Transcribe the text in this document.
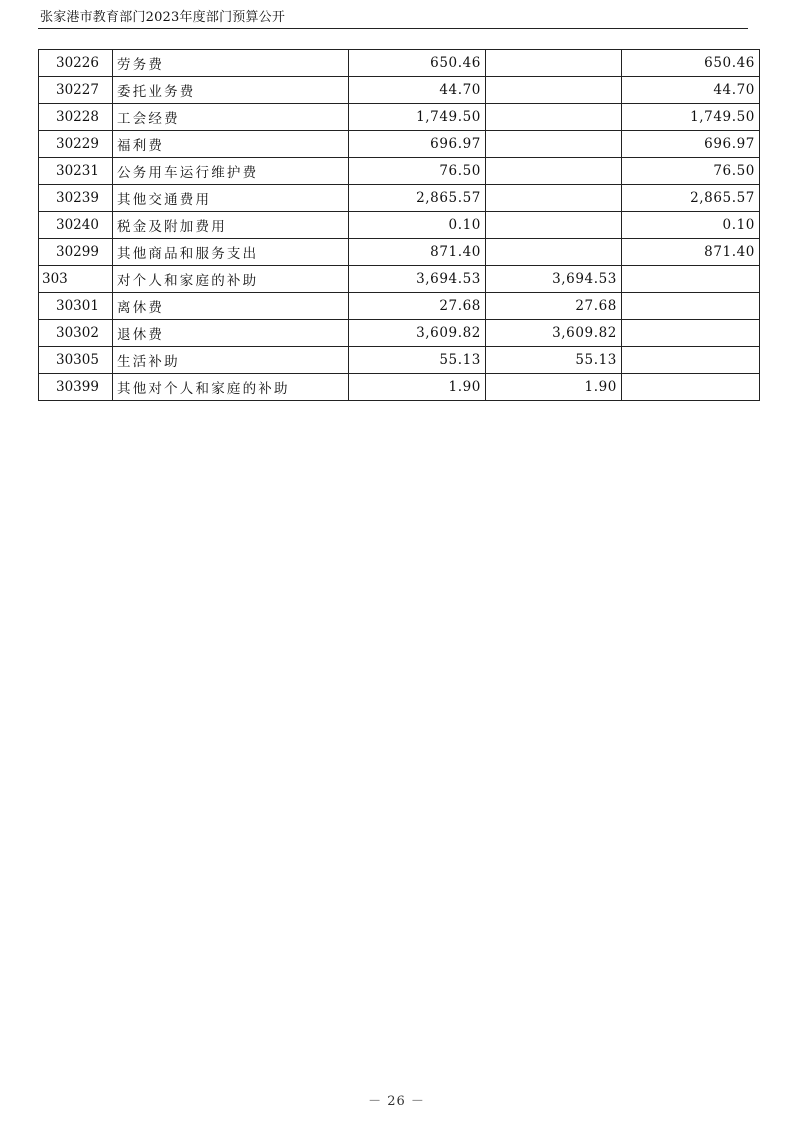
张家港市教育部门2023年度部门预算公开
30226	劳务费	650.46		650.46
30227	委托业务费	44.70		44.70
30228	工会经费	1,749.50		1,749.50
30229	福利费	696.97		696.97
30231	公务用车运行维护费	76.50		76.50
30239	其他交通费用	2,865.57		2,865.57
30240	税金及附加费用	0.10		0.10
30299	其他商品和服务支出	871.40		871.40
303	对个人和家庭的补助	3,694.53	3,694.53	
30301	离休费	27.68	27.68	
30302	退休费	3,609.82	3,609.82	
30305	生活补助	55.13	55.13	
30399	其他对个人和家庭的补助	1.90	1.90	
－ 26 －
